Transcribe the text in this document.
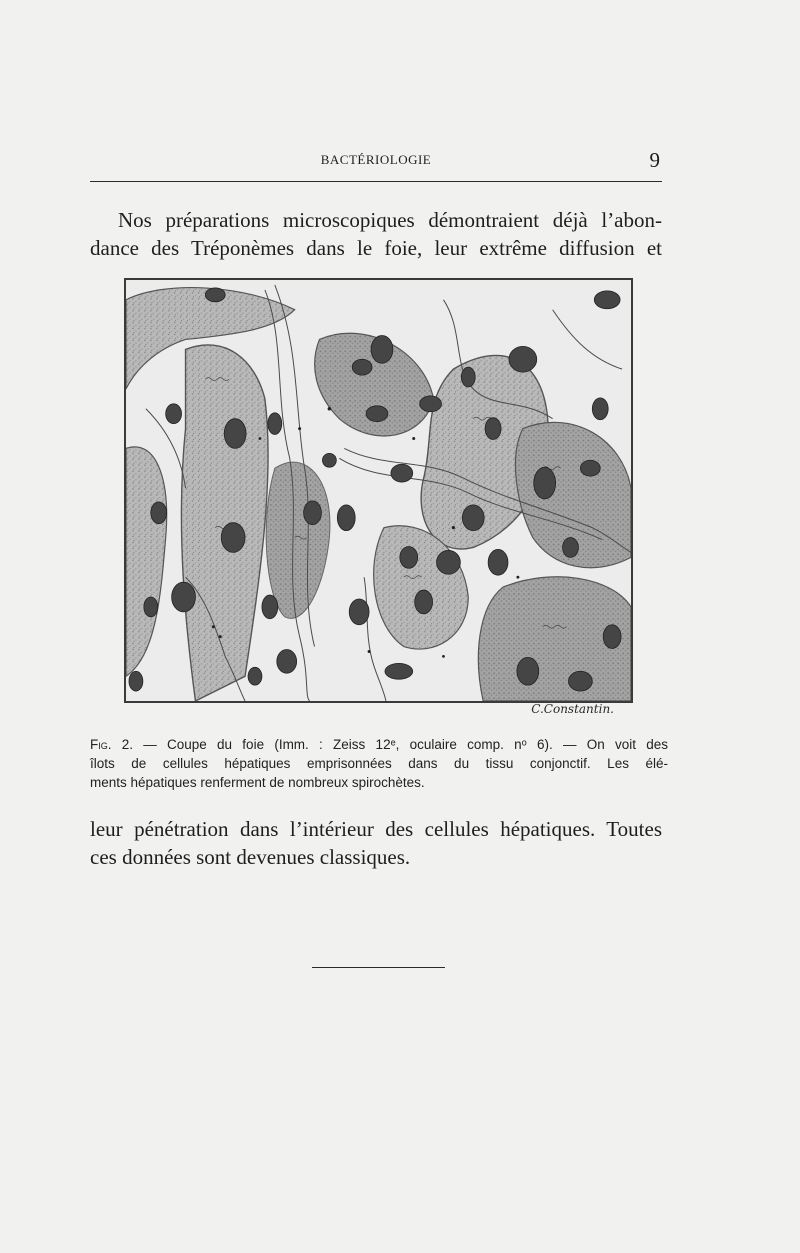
BACTÉRIOLOGIE	9

Nos préparations microscopiques démontraient déjà l’abon-
dance des Tréponèmes dans le foie, leur extrême diffusion et

C.Constantin.

Fig. 2. — Coupe du foie (Imm. : Zeiss 12ᵉ, oculaire comp. nᵒ 6). — On voit des
îlots de cellules hépatiques emprisonnées dans du tissu conjonctif. Les élé-
ments hépatiques renferment de nombreux spirochètes.

leur pénétration dans l’intérieur des cellules hépatiques. Toutes
ces données sont devenues classiques.
